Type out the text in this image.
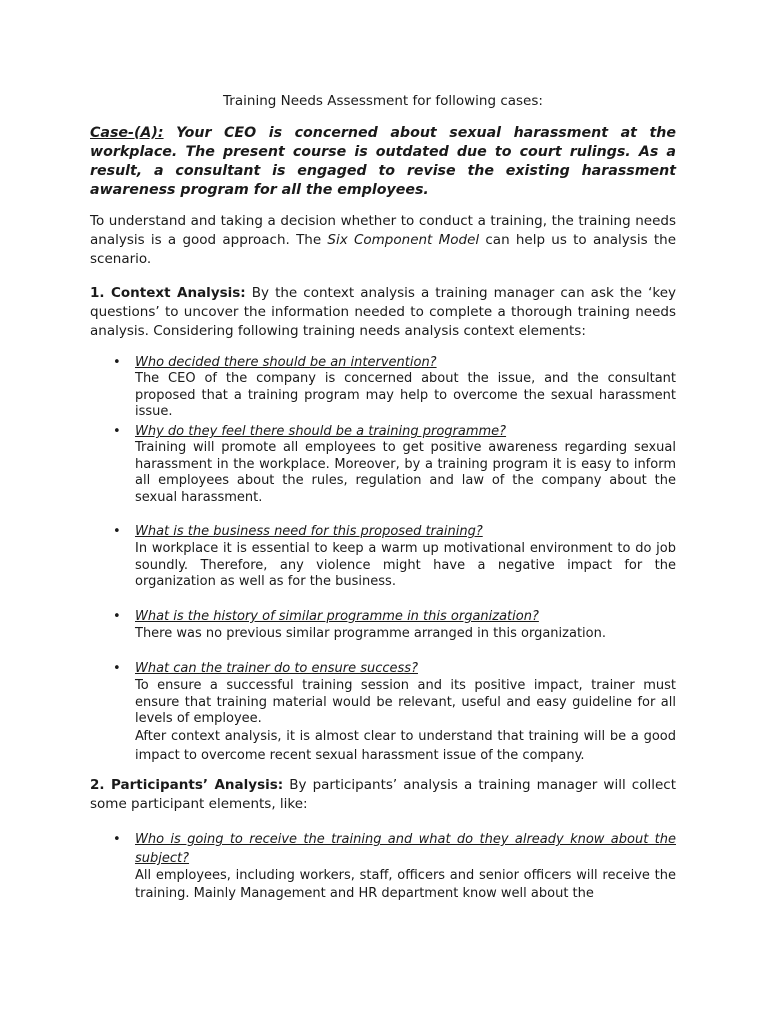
Training Needs Assessment for following cases:
Case-(A): Your CEO is concerned about sexual harassment at the workplace. The present course is outdated due to court rulings. As a result, a consultant is engaged to revise the existing harassment awareness program for all the employees.
To understand and taking a decision whether to conduct a training, the training needs analysis is a good approach. The Six Component Model can help us to analysis the scenario.
1. Context Analysis: By the context analysis a training manager can ask the ‘key questions’ to uncover the information needed to complete a thorough training needs analysis. Considering following training needs analysis context elements:
• Who decided there should be an intervention?
The CEO of the company is concerned about the issue, and the consultant proposed that a training program may help to overcome the sexual harassment issue.
• Why do they feel there should be a training programme?
Training will promote all employees to get positive awareness regarding sexual harassment in the workplace. Moreover, by a training program it is easy to inform all employees about the rules, regulation and law of the company about the sexual harassment.
• What is the business need for this proposed training?
In workplace it is essential to keep a warm up motivational environment to do job soundly. Therefore, any violence might have a negative impact for the organization as well as for the business.
• What is the history of similar programme in this organization?
There was no previous similar programme arranged in this organization.
• What can the trainer do to ensure success?
To ensure a successful training session and its positive impact, trainer must ensure that training material would be relevant, useful and easy guideline for all levels of employee.
After context analysis, it is almost clear to understand that training will be a good impact to overcome recent sexual harassment issue of the company.
2. Participants’ Analysis: By participants’ analysis a training manager will collect some participant elements, like:
• Who is going to receive the training and what do they already know about the subject?
All employees, including workers, staff, officers and senior officers will receive the training. Mainly Management and HR department know well about the
